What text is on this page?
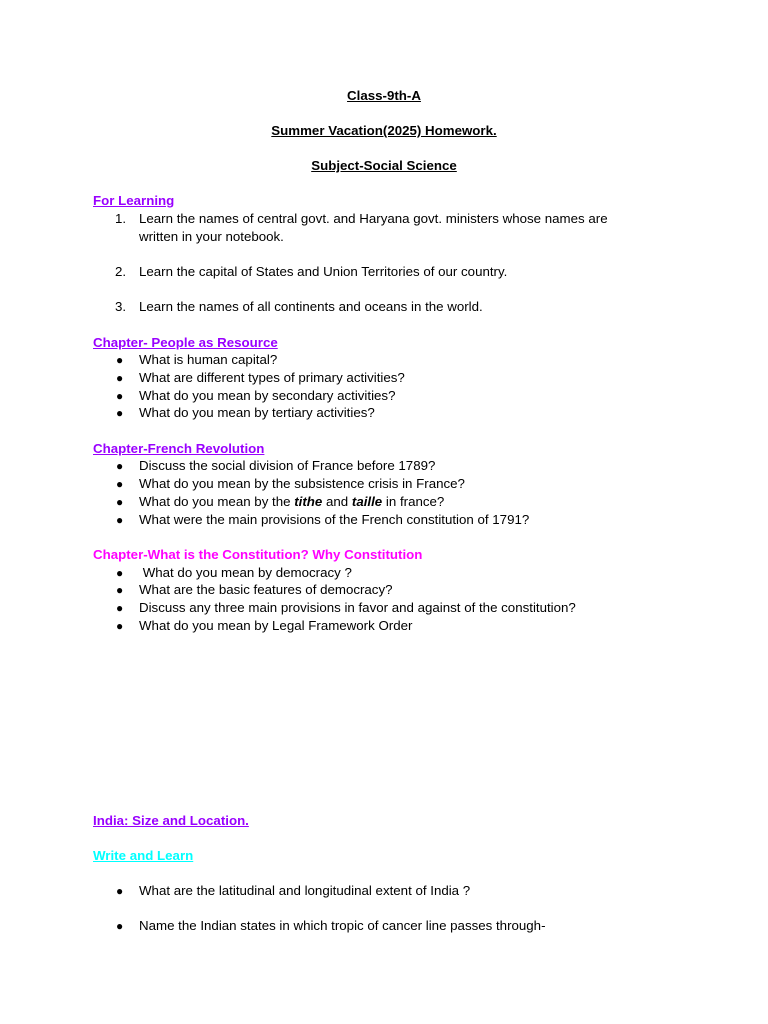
Class-9th-A
Summer Vacation(2025) Homework.
Subject-Social Science
For Learning
1. Learn the names of central govt. and Haryana govt. ministers whose names are
written in your notebook.
2. Learn the capital of States and Union Territories of our country.
3. Learn the names of all continents and oceans in the world.
Chapter- People as Resource
● What is human capital?
● What are different types of primary activities?
● What do you mean by secondary activities?
● What do you mean by tertiary activities?
Chapter-French Revolution
● Discuss the social division of France before 1789?
● What do you mean by the subsistence crisis in France?
● What do you mean by the tithe and taille in france?
● What were the main provisions of the French constitution of 1791?
Chapter-What is the Constitution? Why Constitution
● What do you mean by democracy ?
● What are the basic features of democracy?
● Discuss any three main provisions in favor and against of the constitution?
● What do you mean by Legal Framework Order
India: Size and Location.
Write and Learn
● What are the latitudinal and longitudinal extent of India ?
● Name the Indian states in which tropic of cancer line passes through-
